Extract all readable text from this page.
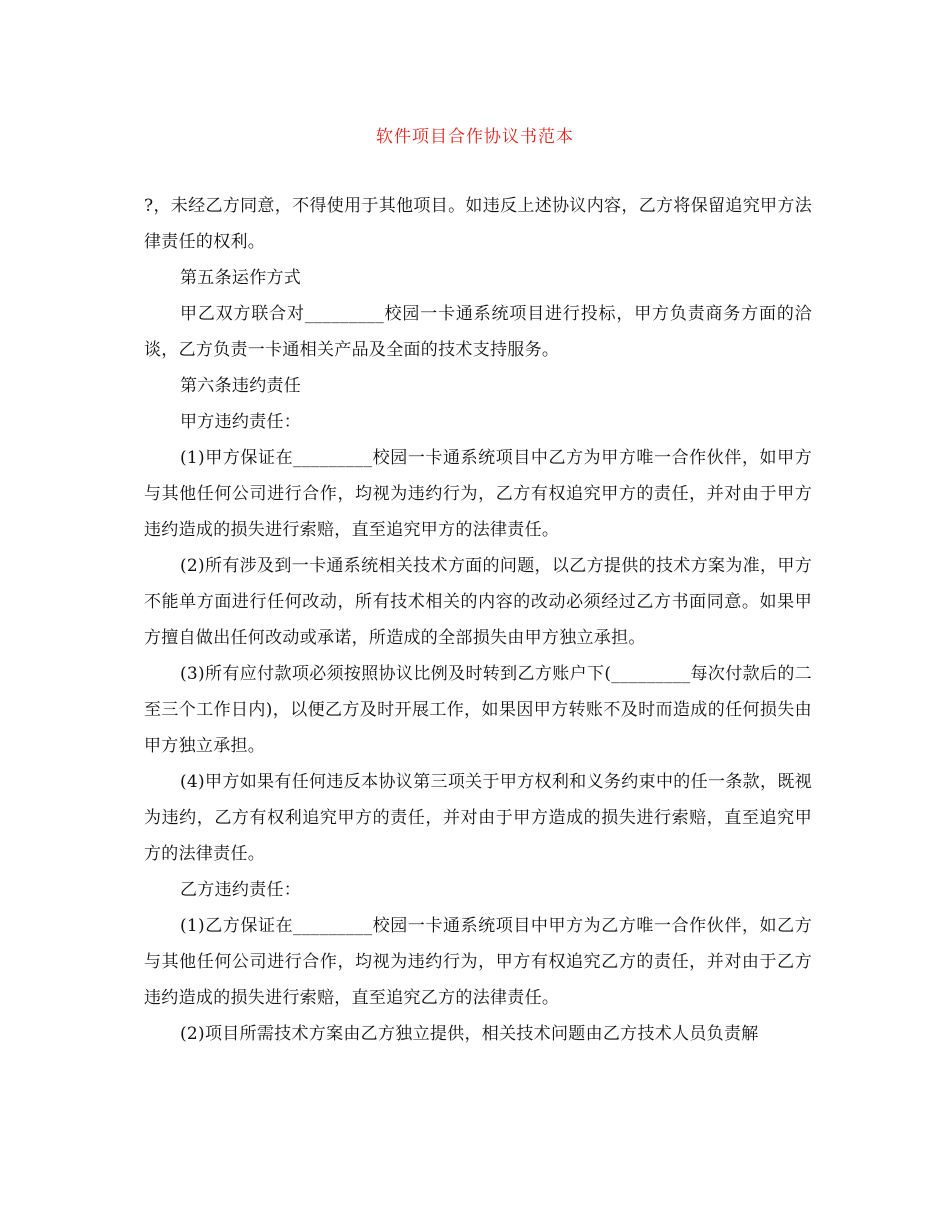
软件项目合作协议书范本

?，未经乙方同意，不得使用于其他项目。如违反上述协议内容，乙方将保留追究甲方法律责任的权利。

第五条运作方式

甲乙双方联合对_________校园一卡通系统项目进行投标，甲方负责商务方面的洽谈，乙方负责一卡通相关产品及全面的技术支持服务。

第六条违约责任

甲方违约责任：

(1)甲方保证在_________校园一卡通系统项目中乙方为甲方唯一合作伙伴，如甲方与其他任何公司进行合作，均视为违约行为，乙方有权追究甲方的责任，并对由于甲方违约造成的损失进行索赔，直至追究甲方的法律责任。

(2)所有涉及到一卡通系统相关技术方面的问题，以乙方提供的技术方案为准，甲方不能单方面进行任何改动，所有技术相关的内容的改动必须经过乙方书面同意。如果甲方擅自做出任何改动或承诺，所造成的全部损失由甲方独立承担。

(3)所有应付款项必须按照协议比例及时转到乙方账户下(_________每次付款后的二至三个工作日内)，以便乙方及时开展工作，如果因甲方转账不及时而造成的任何损失由甲方独立承担。

(4)甲方如果有任何违反本协议第三项关于甲方权利和义务约束中的任一条款，既视为违约，乙方有权利追究甲方的责任，并对由于甲方造成的损失进行索赔，直至追究甲方的法律责任。

乙方违约责任：

(1)乙方保证在_________校园一卡通系统项目中甲方为乙方唯一合作伙伴，如乙方与其他任何公司进行合作，均视为违约行为，甲方有权追究乙方的责任，并对由于乙方违约造成的损失进行索赔，直至追究乙方的法律责任。

(2)项目所需技术方案由乙方独立提供，相关技术问题由乙方技术人员负责解
